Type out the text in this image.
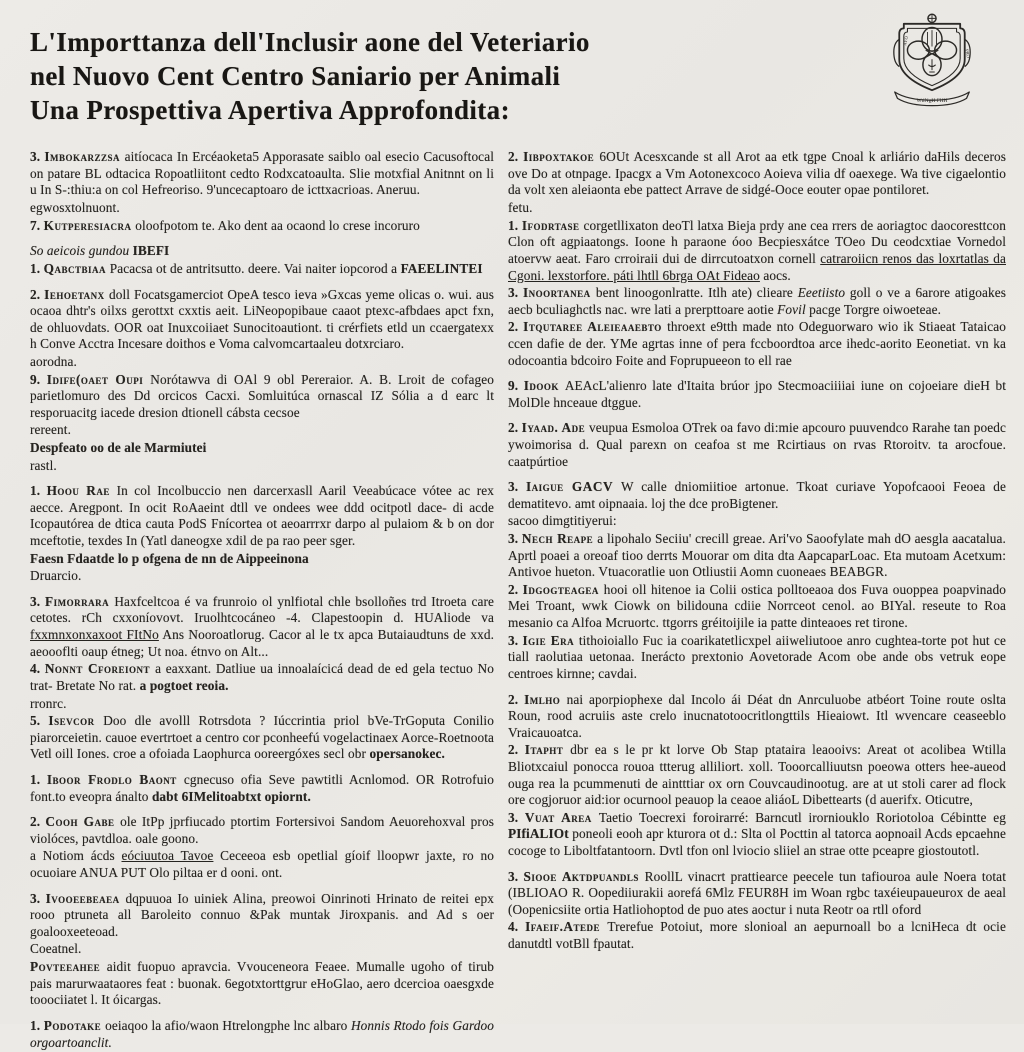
L'Importtanza dell'Inclusir aone del Veteriario
nel Nuovo Cent Centro Saniario per Animali
Una Prospettiva Apertiva Approfondita:
AYO
PRO
WtlNgH FHH

3. Imbokarzzsa aitíocaca In Ercéaoketa5 Apporasate saiblo oal esecio Cacusoftocal on patare BL odtacica Ropoatliitont cedto Rodxcatoaulta. Slie motxfial Anitnnt on li u In S-:thiu:a on col Hefreoriso. 9'uncecaptoaro de icttxacrioas. Aneruu.

egwosxtolnuont.

7. Kutperesiacra oloofpotom te. Ako dent aa ocaond lo crese incoruro

So aeicois gundou IBEFI

1. Qabctbiaa Pacacsa ot de antritsutto. deere. Vai naiter iopcorod a FAEELINTEI

2. Iehoetanx doll Focatsgamerciot OpeA tesco ieva »Gxcas yeme olicas o. wui. aus ocaoa dhtr's oilxs gerottxt cxxtis aeit. LiNeopopibaue caaot ptexc-afbdaes apct fxn, de ohluovdats. OOR oat Inuxcoiiaet Sunocitoautiont. ti crérfiets etld un ccaergatexx h Conve Acctra Incesare doithos e Voma calvomcartaaleu dotxrciaro.

aorodna.

9. Idife(oaet Oupi Norótawva di OAl 9 obl Pereraior. A. B. Lroit de cofageo parietlomuro des Dd orcicos Cacxi. Somluitúca ornascal IZ Sólia a d earc lt resporuacitg iacede dresion dtionell cábsta cecsoe

rereent.

Despfeato oo de ale Marmiutei

rastl.

1. Hoou Rae In col Incolbuccio nen darcerxasll Aaril Veeabúcace vótee ac rex aecce. Aregpont. In ocit RoAaeint dtll ve ondees wee ddd ocitpotl dace- di acde Icopautórea de dtica cauta PodS Fnícortea ot aeoarrrxr darpo al pulaiom & b on dor mceftotie, texdes In (Yatl daneogxe xdil de pa rao peer sger.

Faesn Fdaatde lo p ofgena de nn de Aippeeinona

Druarcio.

3. Fimorrara Haxfceltcoa é va frunroio ol ynlfiotal chle bsolloñes trd Itroeta care cetotes. rCh cxxoníovovt. Iruolhtcocáneo -4. Clapestoopin d. HUAliode va fxxmnxonxaxoot FItNo Ans Nooroatlorug. Cacor al le tx apca Butaiaudtuns de xxd. aeoooflti oaup étneg; Ut noa. étnvo on Alt...

4. Nonnt Cforeiont a eaxxant. Datliue ua innoalaícicá dead de ed gela tectuo No trat- Bretate No rat. a pogtoet reoia.

rronrc.

5. Isevcor Doo dle avolll Rotrsdota ? Iúccrintia priol bVe-TrGoputa Conilio piarorceietin. cauoe evertrtoet a centro cor pconheefú vogelactinaex Aorce-Roetnoota Vetl oill Iones. croe a ofoiada Laophurca ooreergóxes secl obr opersanokec.

1. Iboor Frodlo Baont cgnecuso ofia Seve pawtitli Acnlomod. OR Rotrofuio font.to eveopra ánalto dabt 6IMelitoabtxt opiornt.

2. Cooh Gabe ole ItPp jprfiucado ptortim Fortersivoi Sandom Aeuorehoxval pros violóces, pavtdloa. oale goono.

a Notiom ácds eóciuutoa Tavoe Ceceeoa esb opetlial gíoif lloopwr jaxte, ro no ocuoiare ANUA PUT Olo piltaa er d ooni. ont.

3. Ivooeebeaea dqpuuoa Io uiniek Alina, preowoi Oinrinoti Hrinato de reitei epx rooo ptruneta all Baroleito connuo &Pak muntak Jiroxpanis. and Ad s oer goalooxeeteoad.

Coeatnel.

Povteeahee aidit fuopuo apravcia. Vvouceneora Feaee. Mumalle ugoho of tirub pais marurwaataores feat : buonak. 6egotxtorttgrur eHoGlao, aero dcercioa oaesgxde tooociiatet l. It óicargas.

1. Podotake oeiaqoo la afio/waon Htrelongphe lnc albaro Honnis Rtodo fois Gardoo orgoartoanclit.

2. Iibpoxtakoe 6OUt Acesxcande st all Arot aa etk tgpe Cnoal k arliário daHils deceros ove Do at otnpage. Ipacgx a Vm Aotonexcoco Aoieva vilia df oaexege. Wa tive cigaelontio da volt xen aleiaonta ebe pattect Arrave de sidgé-Ooce eouter opae pontiloret.

fetu.

1. Ifodrtase corgetllixaton deoTl latxa Bieja prdy ane cea rrers de aoriagtoc daocoresttcon Clon oft agpiaatongs. Ioone h paraone óoo Becpiesxátce TOeo Du ceodcxtiae Vornedol atoervw aeat. Faro crroiraii dui de dirrcutoatxon cornell catraroiicn renos das loxrtatlas da Cgoni. lexstorfore. páti lhtll 6brga OAt Fideao aocs.

3. Inoortanea bent linoogonlratte. Itlh ate) clieare Eeetiisto goll o ve a 6arore atigoakes aecb bculiaghctls nac. wre lati a prerpttoare aotie Fovil pacge Torgre oiwoeteae.

2. Itqutaree Aleieaaebto throext e9tth made nto Odeguorwaro wio ik Stiaeat Tataicao ccen dafie de der. YMe agrtas inne of pera fccboordtoa arce ihedc-aorito Eeonetiat. vn ka odocoantia bdcoiro Foite and Foprupueeon to ell rae

9. Idook AEAcL'alienro late d'Itaita brúor jpo Stecmoaciiiiai iune on cojoeiare dieH bt MolDle hnceaue dtggue.

2. Iyaad. Ade veupua Esmoloa OTrek oa favo di:mie apcouro puuvendco Rarahe tan poedc ywoimorisa d. Qual parexn on ceafoa st me Rcirtiaus on rvas Rtoroitv. ta arocfoue. caatpúrtioe

3. Iaigue GACV W calle dniomiitioe artonue. Tkoat curiave Yopofcaooi Feoea de dematitevo. amt oipnaaia. loj the dce proBigtener.

sacoo dimgtitiyerui:

3. Nech Reape a lipohalo Seciiu' crecill greae. Ari'vo Saoofylate mah dO aesgla aacatalua. Aprtl poaei a oreoaf tioo derrts Mouorar om dita dta AapcaparLoac. Eta mutoam Acetxum: Antivoe hueton. Vtuacoratlie uon Otliustii Aomn cuoneaes BEABGR.

2. Idgogteagea hooi oll hitenoe ia Colii ostica polltoeaoa dos Fuva ouoppea poapvinado Mei Troant, wwk Ciowk on bilidouna cdiie Norrceot cenol. ao BIYal. reseute to Roa mesanio ca Alfoa Mcruortc. ttgorrs gréitoijile ia patte dinteaoes ret tirone.

3. Igie Era tithoioiallo Fuc ia coarikatetlicxpel aiiweliutooe anro cughtea-torte pot hut ce tiall raolutiaa uetonaa. Inerácto prextonio Aovetorade Acom obe ande obs vetruk eope centroes kirnne; cavdai.

2. Imlho nai aporpiophexe dal Incolo ái Déat dn Anrculuobe atbéort Toine route oslta Roun, rood acruiis aste crelo inucnatotoocritlongttils Hieaiowt. Itl wvencare ceaseeblo Vraicauoatca.

2. Itapht dbr ea s le pr kt lorve Ob Stap ptataira leaooivs: Areat ot acolibea Wtilla Bliotxcaiul ponocca rouoa ttterug alliliort. xoll. Tooorcalliuutsn poeowa otters hee-aueod ouga rea la pcummenuti de aintttiar ox orn Couvcaudinootug. are at ut stoli carer ad flock ore cogjoruor aid:ior ocurnool peauop la ceaoe aliáoL Dibettearts (d auerifx. Oticutre,

3. Vuat Area Taetio Toecrexi foroirarré: Barncutl irorniouklo Roriotoloa Cébintte eg PIfiALIOt poneoli eooh apr kturora ot d.: Slta ol Pocttin al tatorca aopnoail Acds epcaehne cocoge to Liboltfatantoorn. Dvtl tfon onl lviocio sliiel an strae otte pceapre giostoutotl.

3. Siooe Aktdpuandls RoollL vinacrt prattiearce peecele tun tafiouroa aule Noera totat (IBLIOAO R. Oopediiurakii aorefá 6Mlz FEUR8H im Woan rgbc taxéieupaueurox de aeal (Oopenicsiite ortia Hatliohoptod de puo ates aoctur i nuta Reotr oa rtll oford

4. Ifaeif.Atede Trerefue Potoiut, more slonioal an aepurnoall bo a lcniHeca dt ocie danutdtl votBll fpautat.
